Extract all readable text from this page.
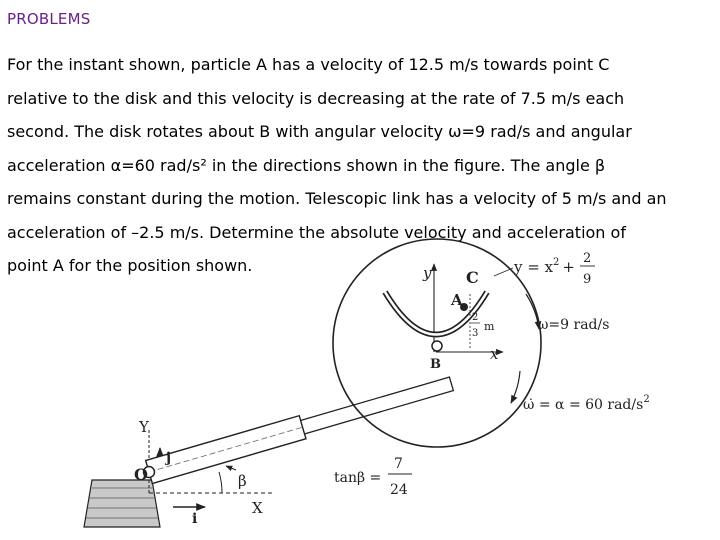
PROBLEMS
For the instant shown, particle A has a velocity of 12.5 m/s towards point C
relative to the disk and this velocity is decreasing at the rate of 7.5 m/s each
second. The disk rotates about B with angular velocity ω=9 rad/s and angular
acceleration α=60 rad/s² in the directions shown in the figure. The angle β
remains constant during the motion. Telescopic link has a velocity of 5 m/s and an
acceleration of –2.5 m/s. Determine the absolute velocity and acceleration of
point A for the position shown.	y C
A
$y = x^2 + 2$
9
2
3
m
x
B
ω=9 rad/s
ω̇ = α = 60 rad/$s^2$
Y
j
O
i
X
β	tanβ =
7
24
